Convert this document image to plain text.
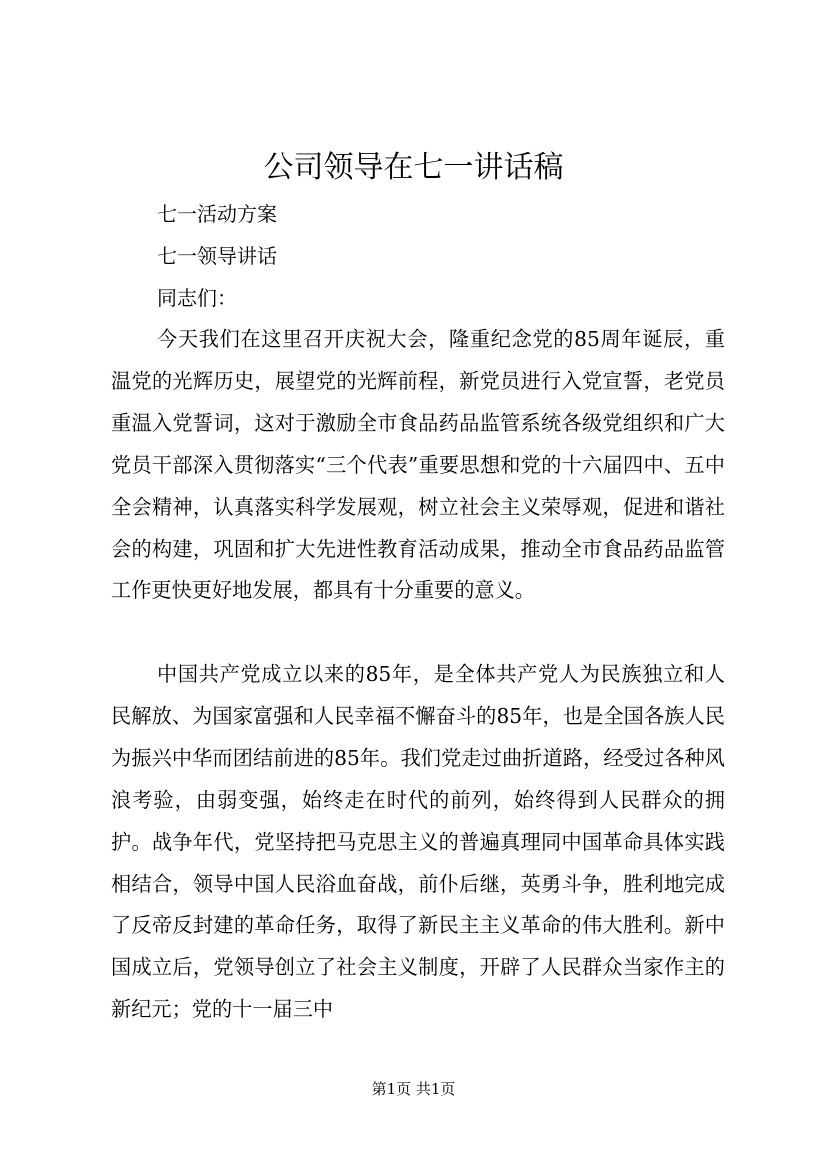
公司领导在七一讲话稿

七一活动方案

七一领导讲话

同志们：

今天我们在这里召开庆祝大会，隆重纪念党的85周年诞辰，重温党的光辉历史，展望党的光辉前程，新党员进行入党宣誓，老党员重温入党誓词，这对于激励全市食品药品监管系统各级党组织和广大党员干部深入贯彻落实“三个代表”重要思想和党的十六届四中、五中全会精神，认真落实科学发展观，树立社会主义荣辱观，促进和谐社会的构建，巩固和扩大先进性教育活动成果，推动全市食品药品监管工作更快更好地发展，都具有十分重要的意义。

中国共产党成立以来的85年，是全体共产党人为民族独立和人民解放、为国家富强和人民幸福不懈奋斗的85年，也是全国各族人民为振兴中华而团结前进的85年。我们党走过曲折道路，经受过各种风浪考验，由弱变强，始终走在时代的前列，始终得到人民群众的拥护。战争年代，党坚持把马克思主义的普遍真理同中国革命具体实践相结合，领导中国人民浴血奋战，前仆后继，英勇斗争，胜利地完成了反帝反封建的革命任务，取得了新民主主义革命的伟大胜利。新中国成立后，党领导创立了社会主义制度，开辟了人民群众当家作主的新纪元；党的十一届三中

第1页 共1页
